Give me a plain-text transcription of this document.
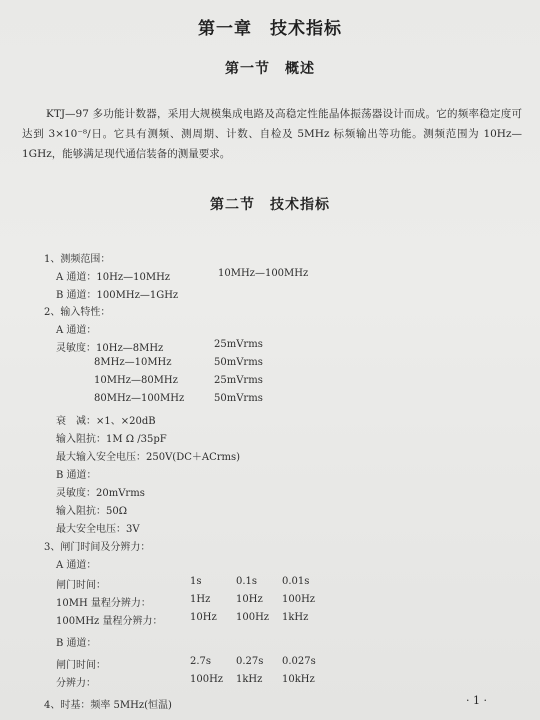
第一章　技术指标
第一节　概述
KTJ—97 多功能计数器，采用大规模集成电路及高稳定性能晶体振荡器设计而成。它的频率稳定度可达到 3×10⁻⁸/日。它具有测频、测周期、计数、自检及 5MHz 标频输出等功能。测频范围为 10Hz—1GHz，能够满足现代通信装备的测量要求。
第二节　技术指标
1、测频范围：
A 通道：10Hz—10MHz	10MHz—100MHz
B 通道：100MHz—1GHz
2、输入特性：
A 通道：
灵敏度：10Hz—8MHz	25mVrms
8MHz—10MHz	50mVrms
10MHz—80MHz	25mVrms
80MHz—100MHz	50mVrms
衰　减：×1、×20dB
输入阻抗：1M Ω /35pF
最大输入安全电压：250V(DC＋ACrms)
B 通道：
灵敏度：20mVrms
输入阻抗：50Ω
最大安全电压：3V
3、闸门时间及分辨力：
A 通道：
闸门时间：	1s	0.1s 0.01s
10MH 量程分辨力：	1Hz	10Hz 100Hz
100MHz 量程分辨力：	10Hz 100Hz 1kHz
B 通道：
闸门时间：	2.7s 0.27s 0.027s
分辨力：	100Hz 1kHz 10kHz
4、时基：频率 5MHz(恒温)	· 1 ·
